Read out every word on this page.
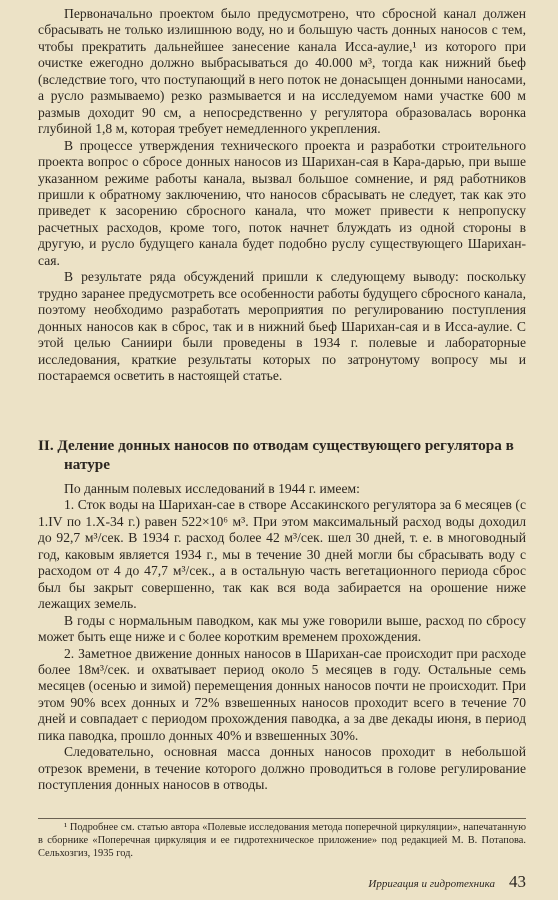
Первоначально проектом было предусмотрено, что сбросной канал должен сбрасывать не только излишнюю воду, но и большую часть донных наносов с тем, чтобы прекратить дальнейшее занесение канала Исса-аулие,¹ из которого при очистке ежегодно должно выбрасываться до 40.000 м³, тогда как нижний бьеф (вследствие того, что поступающий в него поток не донасыщен донными наносами, а русло размываемо) резко размывается и на исследуемом нами участке 600 м размыв доходит 90 см, а непосредственно у регулятора образовалась воронка глубиной 1,8 м, которая требует немедленного укрепления.

В процессе утверждения технического проекта и разработки строительного проекта вопрос о сбросе донных наносов из Шарихан-сая в Кара-дарью, при выше указанном режиме работы канала, вызвал большое сомнение, и ряд работников пришли к обратному заключению, что наносов сбрасывать не следует, так как это приведет к засорению сбросного канала, что может привести к непропуску расчетных расходов, кроме того, поток начнет блуждать из одной стороны в другую, и русло будущего канала будет подобно руслу существующего Шарихан-сая.

В результате ряда обсуждений пришли к следующему выводу: поскольку трудно заранее предусмотреть все особенности работы будущего сбросного канала, поэтому необходимо разработать мероприятия по регулированию поступления донных наносов как в сброс, так и в нижний бьеф Шарихан-сая и в Исса-аулие. С этой целью Саниири были проведены в 1934 г. полевые и лабораторные исследования, краткие результаты которых по затронутому вопросу мы и постараемся осветить в настоящей статье.

II. Деление донных наносов по отводам существующего регулятора в натуре

По данным полевых исследований в 1944 г. имеем:

1. Сток воды на Шарихан-сае в створе Ассакинского регулятора за 6 месяцев (с 1.IV по 1.X-34 г.) равен 522×10⁶ м³. При этом максимальный расход воды доходил до 92,7 м³/сек. В 1934 г. расход более 42 м³/сек. шел 30 дней, т. е. в многоводный год, каковым является 1934 г., мы в течение 30 дней могли бы сбрасывать воду с расходом от 4 до 47,7 м³/сек., а в остальную часть вегетационного периода сброс был бы закрыт совершенно, так как вся вода забирается на орошение ниже лежащих земель.

В годы с нормальным паводком, как мы уже говорили выше, расход по сбросу может быть еще ниже и с более коротким временем прохождения.

2. Заметное движение донных наносов в Шарихан-сае происходит при расходе более 18м³/сек. и охватывает период около 5 месяцев в году. Остальные семь месяцев (осенью и зимой) перемещения донных наносов почти не происходит. При этом 90% всех донных и 72% взвешенных наносов проходит всего в течение 70 дней и совпадает с периодом прохождения паводка, а за две декады июня, в период пика паводка, прошло донных 40% и взвешенных 30%.

Следовательно, основная масса донных наносов проходит в небольшой отрезок времени, в течение которого должно проводиться в голове регулирование поступления донных наносов в отводы.

¹ Подробнее см. статью автора «Полевые исследования метода поперечной циркуляции», напечатанную в сборнике «Поперечная циркуляция и ее гидротехническое приложение» под редакцией М. В. Потапова. Сельхозгиз, 1935 год.

Ирригация и гидротехника 43
